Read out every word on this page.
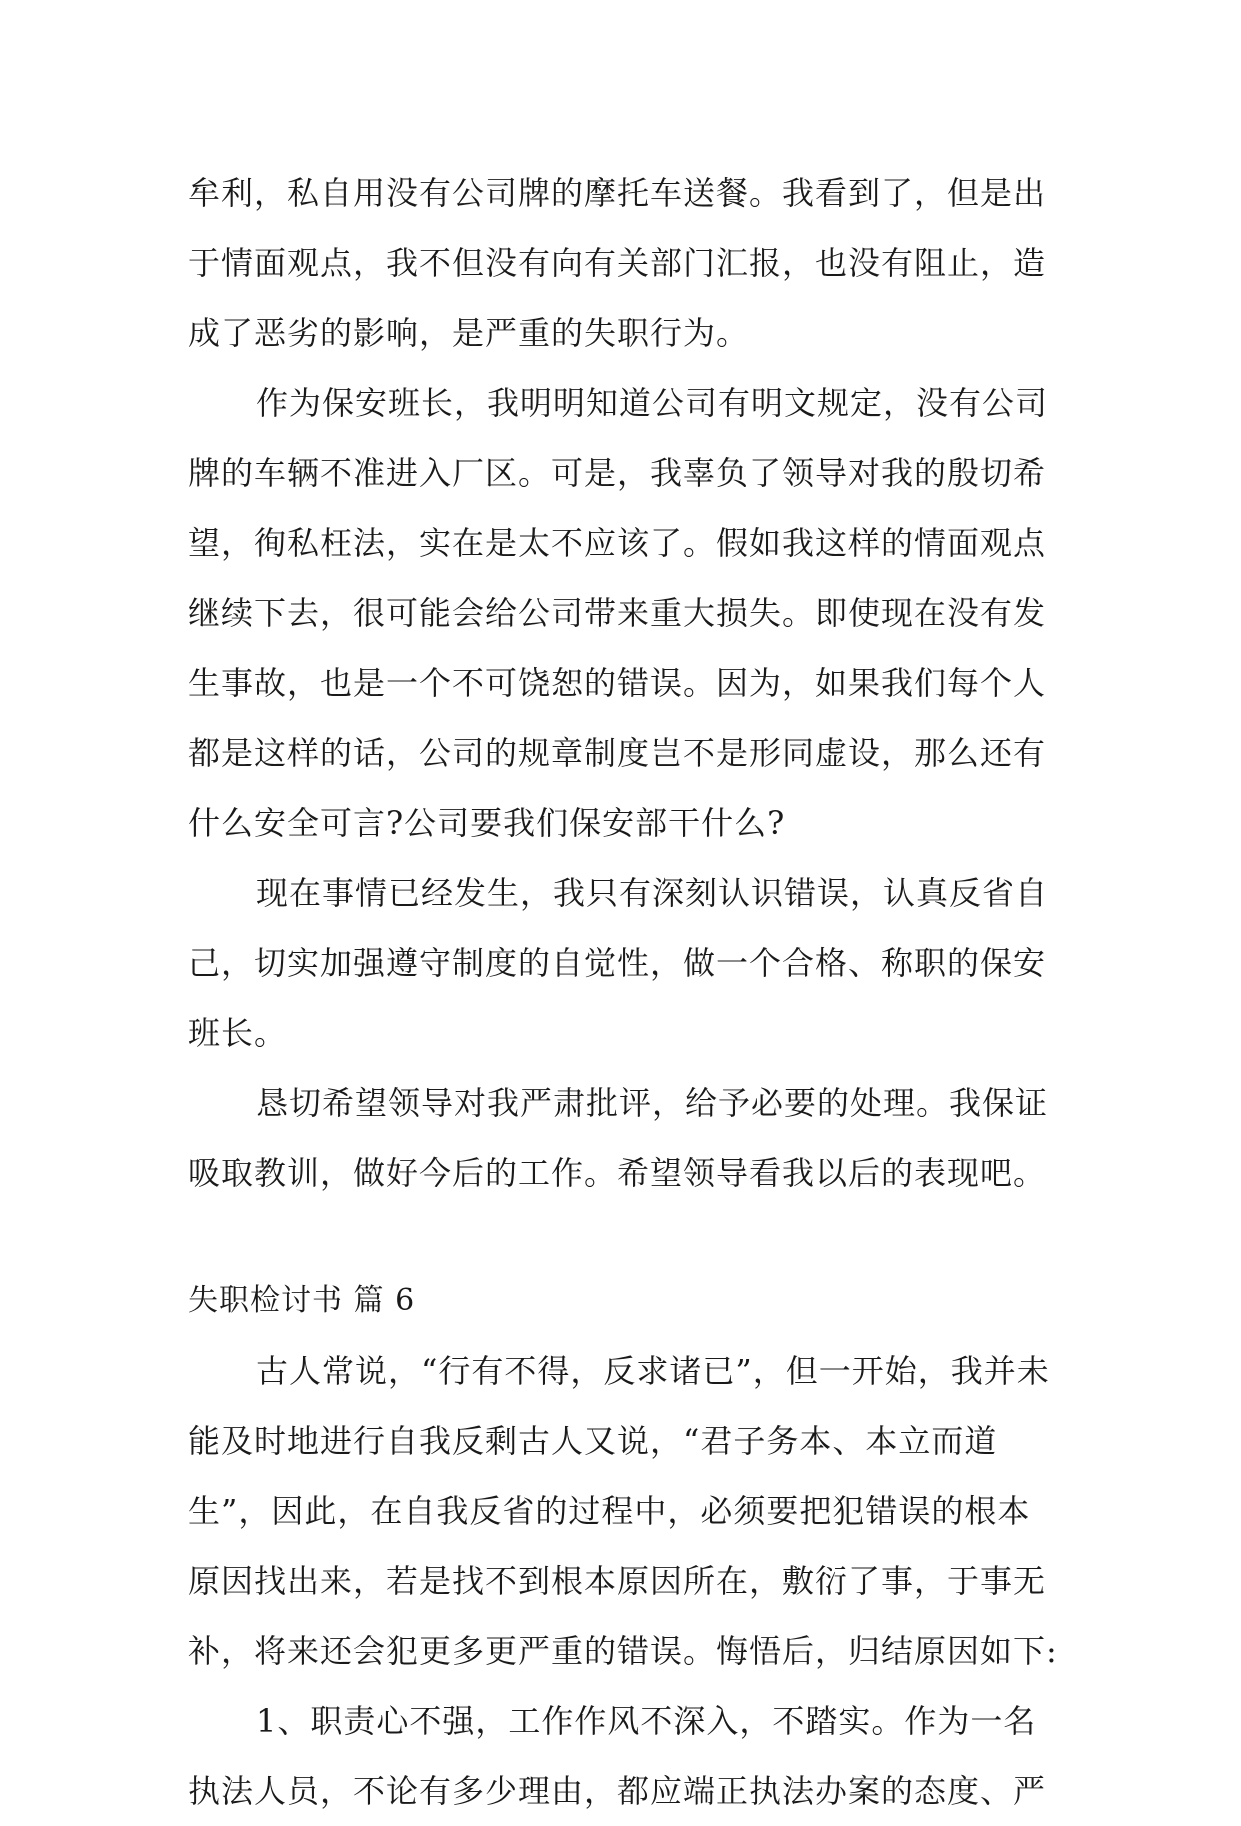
牟利，私自用没有公司牌的摩托车送餐。我看到了，但是出
于情面观点，我不但没有向有关部门汇报，也没有阻止，造
成了恶劣的影响，是严重的失职行为。
作为保安班长，我明明知道公司有明文规定，没有公司
牌的车辆不准进入厂区。可是，我辜负了领导对我的殷切希
望，徇私枉法，实在是太不应该了。假如我这样的情面观点
继续下去，很可能会给公司带来重大损失。即使现在没有发
生事故，也是一个不可饶恕的错误。因为，如果我们每个人
都是这样的话，公司的规章制度岂不是形同虚设，那么还有
什么安全可言?公司要我们保安部干什么?
现在事情已经发生，我只有深刻认识错误，认真反省自
己，切实加强遵守制度的自觉性，做一个合格、称职的保安
班长。
恳切希望领导对我严肃批评，给予必要的处理。我保证
吸取教训，做好今后的工作。希望领导看我以后的表现吧。
失职检讨书 篇 6
古人常说，“行有不得，反求诸已”，但一开始，我并未
能及时地进行自我反剩古人又说，“君子务本、本立而道
生”，因此，在自我反省的过程中，必须要把犯错误的根本
原因找出来，若是找不到根本原因所在，敷衍了事，于事无
补，将来还会犯更多更严重的错误。悔悟后，归结原因如下:
1、职责心不强，工作作风不深入，不踏实。作为一名
执法人员，不论有多少理由，都应端正执法办案的态度、严
